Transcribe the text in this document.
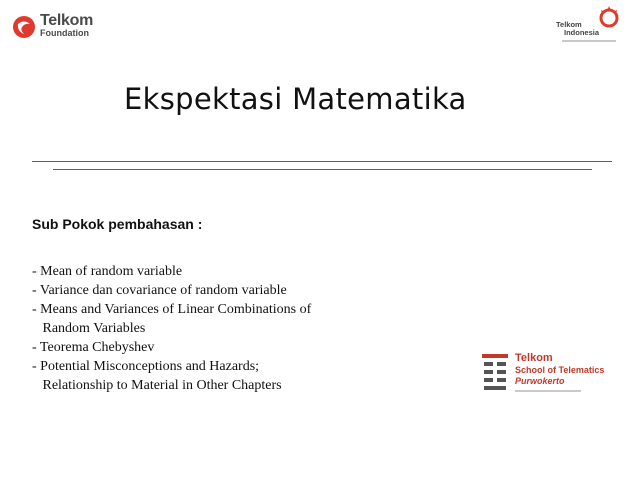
Telkom
Foundation
Telkom
Indonesia
Ekspektasi Matematika
Sub Pokok pembahasan :
- Mean of random variable
- Variance dan covariance of random variable
- Means and Variances of Linear Combinations of
Random Variables
- Teorema Chebyshev
- Potential Misconceptions and Hazards;
Relationship to Material in Other Chapters
Telkom
School of Telematics
Purwokerto
